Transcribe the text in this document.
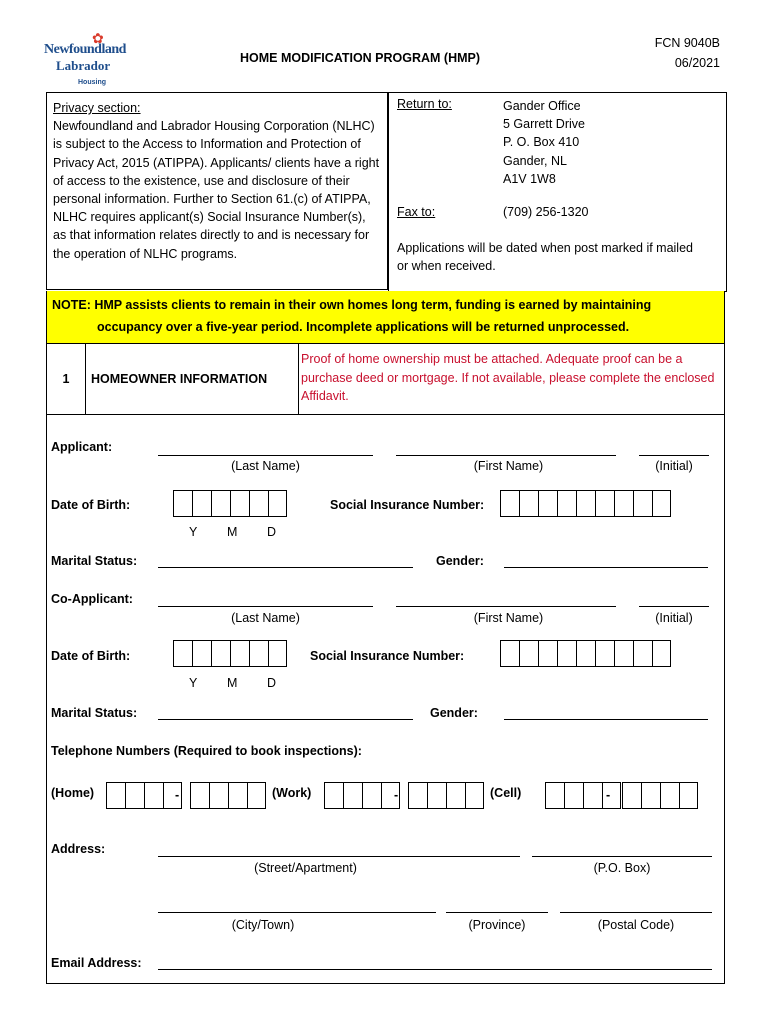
✿
Newfoundland
Labrador
Housing
HOME MODIFICATION PROGRAM (HMP)
FCN 9040B
06/2021
Privacy section:
Newfoundland and Labrador Housing Corporation (NLHC) is subject to the Access to Information and Protection of Privacy Act, 2015 (ATIPPA). Applicants/ clients have a right of access to the existence, use and disclosure of their personal information. Further to Section 61.(c) of ATIPPA, NLHC requires applicant(s) Social Insurance Number(s), as that information relates directly to and is necessary for the operation of NLHC programs.
Return to:	Gander Office
5 Garrett Drive
P. O. Box 410
Gander, NL
A1V 1W8
Fax to:	(709) 256-1320
Applications will be dated when post marked if mailed or when received.
NOTE: HMP assists clients to remain in their own homes long term, funding is earned by maintaining
occupancy over a five-year period. Incomplete applications will be returned unprocessed.
1	HOMEOWNER INFORMATION
Proof of home ownership must be attached. Adequate proof can be a purchase deed or mortgage. If not available, please complete the enclosed Affidavit.
Applicant:
(Last Name)	(First Name)	(Initial)
Date of Birth:	Social Insurance Number:
Y M D
Marital Status:	Gender:
Co-Applicant:
(Last Name)	(First Name)	(Initial)
Date of Birth:	Social Insurance Number:
Y M D
Marital Status:	Gender:
Telephone Numbers (Required to book inspections):
(Home)	-	(Work)	-	(Cell)	-
Address:
(Street/Apartment)	(P.O. Box)
(City/Town)	(Province)	(Postal Code)
Email Address:
